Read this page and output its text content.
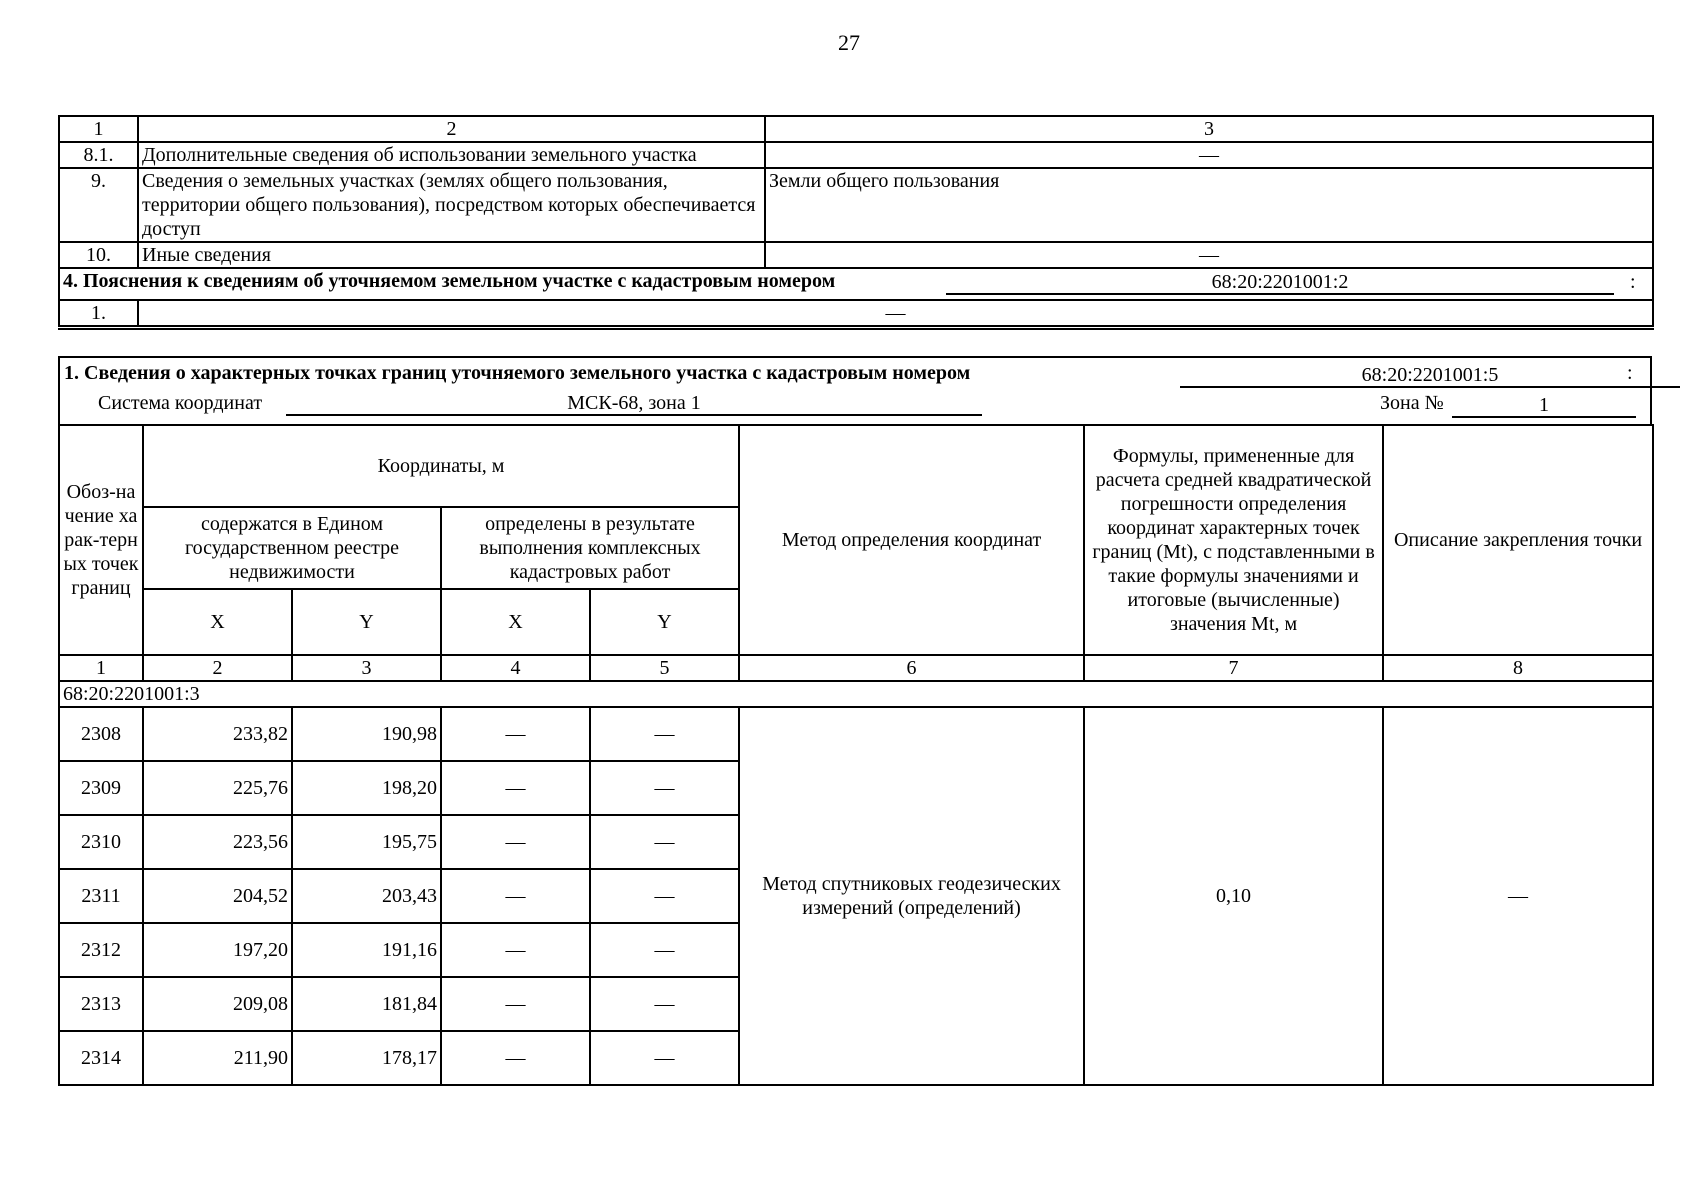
27
1	2	3
8.1.	Дополнительные сведения об использовании земельного участка	—
9.	Сведения о земельных участках (землях общего пользования, территории общего пользования), посредством которых обеспечивается доступ	Земли общего пользования
10.	Иные сведения	—
4. Пояснения к сведениям об уточняемом земельном участке с кадастровым номером 68:20:2201001:2 :		

1.	—	
1. Сведения о характерных точках границ уточняемого земельного участка с кадастровым номером	68:20:2201001:5	:
Система координат	МСК-68, зона 1	Зона №	1
Обоз-начение харак-терных точек границ	Координаты, м				Метод определения координат	Формулы, примененные для расчета средней квадратической погрешности определения координат характерных точек границ (Mt), с подставленными в такие формулы значениями и итоговые (вычисленные) значения Mt, м	Описание закрепления точки
	содержатся в Едином государственном реестре недвижимости		определены в результате выполнения комплексных кадастровых работ				
	X	Y	X	Y			
1	2	3	4	5	6	7	8
68:20:2201001:3							
2308	233,82	190,98	—	—	Метод спутниковых геодезических измерений (определений)	0,10	—
2309	225,76	198,20	—	—			
2310	223,56	195,75	—	—			
2311	204,52	203,43	—	—			
2312	197,20	191,16	—	—			
2313	209,08	181,84	—	—			
2314	211,90	178,17	—	—			
